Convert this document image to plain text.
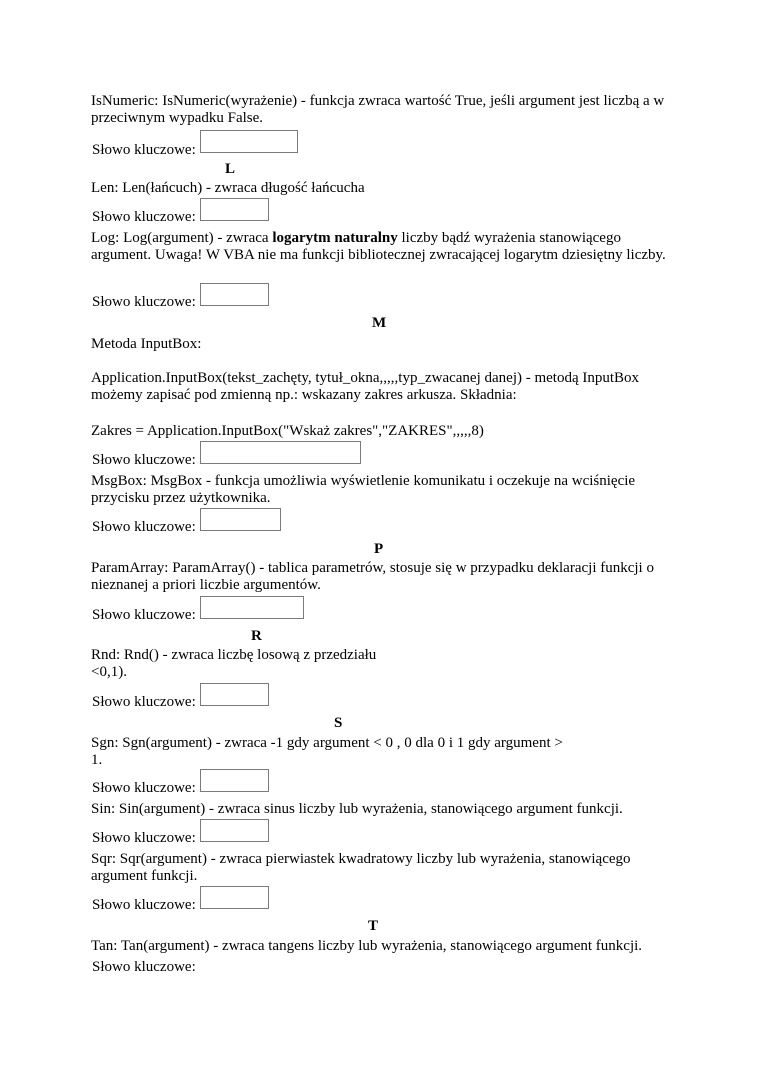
IsNumeric: IsNumeric(wyrażenie) - funkcja zwraca wartość True, jeśli argument jest liczbą a w przeciwnym wypadku False.
Słowo kluczowe:
L
Len: Len(łańcuch) - zwraca długość łańcucha
Słowo kluczowe:
Log: Log(argument) - zwraca logarytm naturalny liczby bądź wyrażenia stanowiącego argument. Uwaga! W VBA nie ma funkcji bibliotecznej zwracającej logarytm dziesiętny liczby.
Słowo kluczowe:
M
Metoda InputBox:
Application.InputBox(tekst_zachęty, tytuł_okna,,,,,typ_zwacanej danej) - metodą InputBox możemy zapisać pod zmienną np.: wskazany zakres arkusza. Składnia:
Zakres = Application.InputBox("Wskaż zakres","ZAKRES",,,,,8)
Słowo kluczowe:
MsgBox: MsgBox - funkcja umożliwia wyświetlenie komunikatu i oczekuje na wciśnięcie przycisku przez użytkownika.
Słowo kluczowe:
P
ParamArray: ParamArray() - tablica parametrów, stosuje się w przypadku deklaracji funkcji o nieznanej a priori liczbie argumentów.
Słowo kluczowe:
R
Rnd: Rnd() - zwraca liczbę losową z przedziału
<0,1).
Słowo kluczowe:
S
Sgn: Sgn(argument) - zwraca -1 gdy argument < 0 , 0 dla 0 i 1 gdy argument >
1.
Słowo kluczowe:
Sin: Sin(argument) - zwraca sinus liczby lub wyrażenia, stanowiącego argument funkcji.
Słowo kluczowe:
Sqr: Sqr(argument) - zwraca pierwiastek kwadratowy liczby lub wyrażenia, stanowiącego argument funkcji.
Słowo kluczowe:
T
Tan: Tan(argument) - zwraca tangens liczby lub wyrażenia, stanowiącego argument funkcji.
Słowo kluczowe:
